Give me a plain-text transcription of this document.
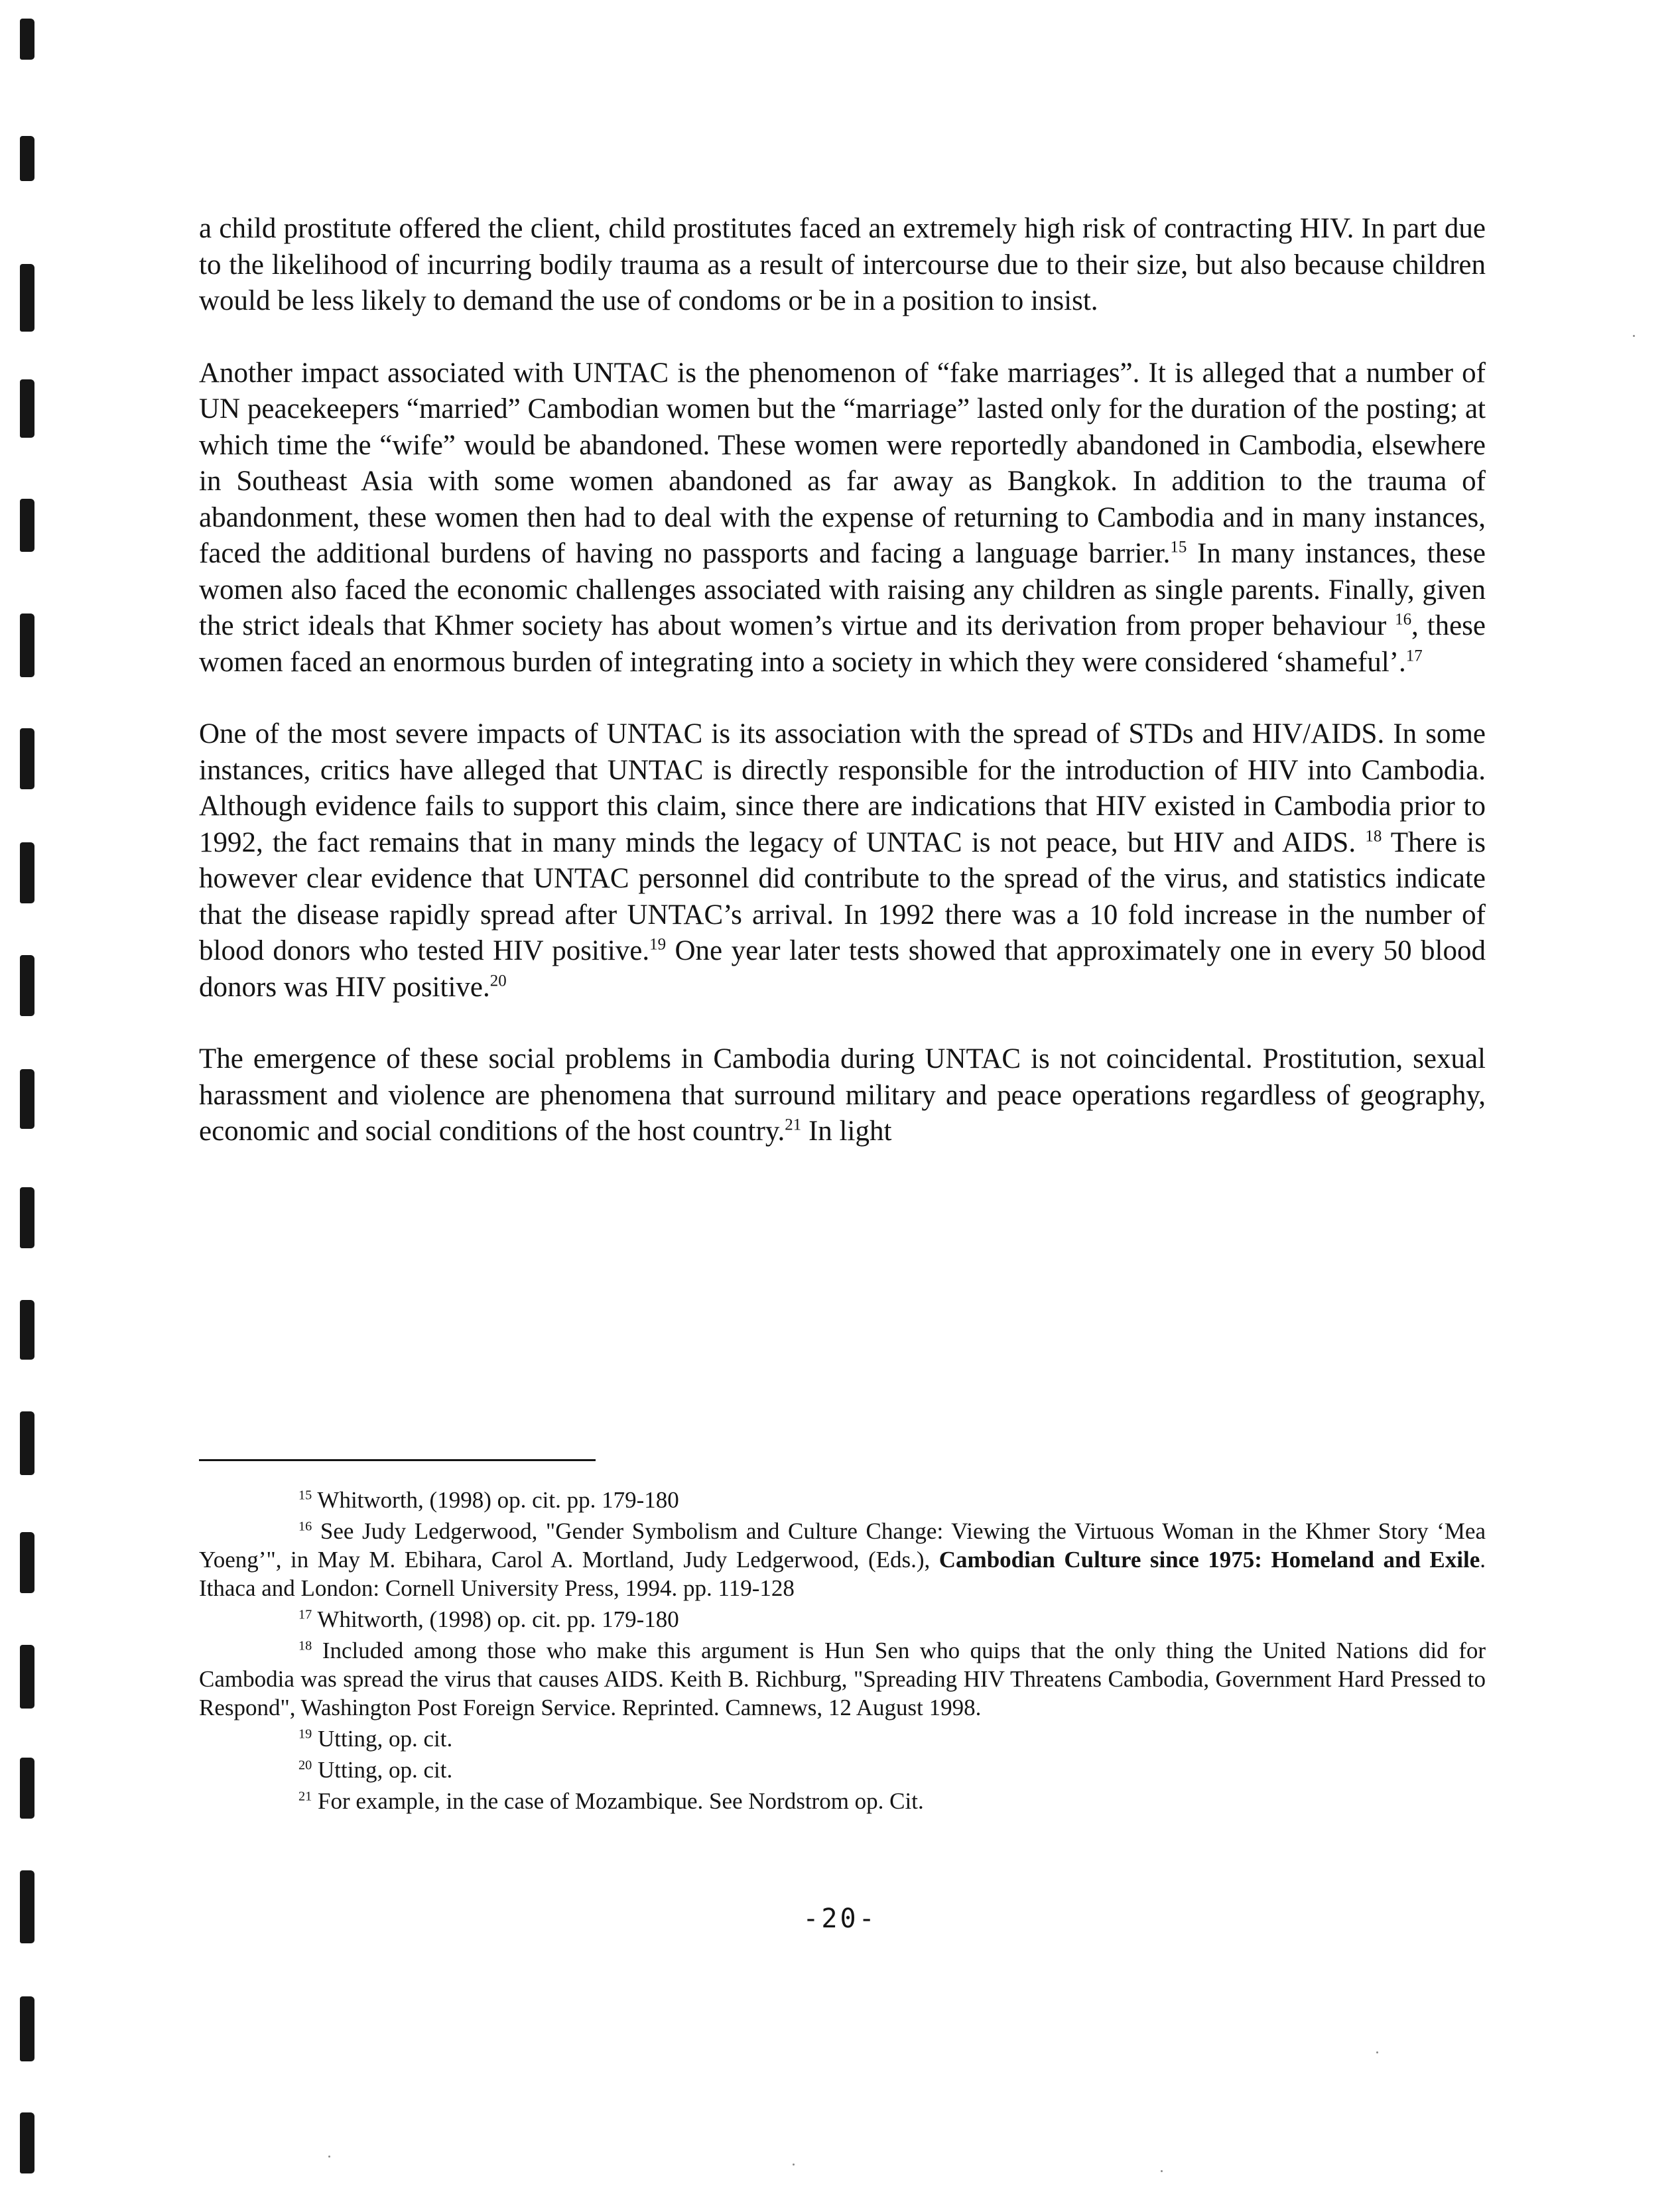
a child prostitute offered the client, child prostitutes faced an extremely high risk of contracting HIV. In part due to the likelihood of incurring bodily trauma as a result of intercourse due to their size, but also because children would be less likely to demand the use of condoms or be in a position to insist.

Another impact associated with UNTAC is the phenomenon of “fake marriages”. It is alleged that a number of UN peacekeepers “married” Cambodian women but the “marriage” lasted only for the duration of the posting; at which time the “wife” would be abandoned. These women were reportedly abandoned in Cambodia, elsewhere in Southeast Asia with some women abandoned as far away as Bangkok. In addition to the trauma of abandonment, these women then had to deal with the expense of returning to Cambodia and in many instances, faced the additional burdens of having no passports and facing a language barrier.$^{15}$ In many instances, these women also faced the economic challenges associated with raising any children as single parents. Finally, given the strict ideals that Khmer society has about women’s virtue and its derivation from proper behaviour $^{16}$, these women faced an enormous burden of integrating into a society in which they were considered ‘shameful’.$^{17}$

One of the most severe impacts of UNTAC is its association with the spread of STDs and HIV/AIDS. In some instances, critics have alleged that UNTAC is directly responsible for the introduction of HIV into Cambodia. Although evidence fails to support this claim, since there are indications that HIV existed in Cambodia prior to 1992, the fact remains that in many minds the legacy of UNTAC is not peace, but HIV and AIDS. $^{18}$ There is however clear evidence that UNTAC personnel did contribute to the spread of the virus, and statistics indicate that the disease rapidly spread after UNTAC’s arrival. In 1992 there was a 10 fold increase in the number of blood donors who tested HIV positive.$^{19}$ One year later tests showed that approximately one in every 50 blood donors was HIV positive.$^{20}$

The emergence of these social problems in Cambodia during UNTAC is not coincidental. Prostitution, sexual harassment and violence are phenomena that surround military and peace operations regardless of geography, economic and social conditions of the host country.$^{21}$ In light

$^{15}$ Whitworth, (1998) op. cit. pp. 179-180

$^{16}$ See Judy Ledgerwood, "Gender Symbolism and Culture Change: Viewing the Virtuous Woman in the Khmer Story ‘Mea Yoeng’", in May M. Ebihara, Carol A. Mortland, Judy Ledgerwood, (Eds.), Cambodian Culture since 1975: Homeland and Exile. Ithaca and London: Cornell University Press, 1994. pp. 119-128

$^{17}$ Whitworth, (1998) op. cit. pp. 179-180

$^{18}$ Included among those who make this argument is Hun Sen who quips that the only thing the United Nations did for Cambodia was spread the virus that causes AIDS. Keith B. Richburg, "Spreading HIV Threatens Cambodia, Government Hard Pressed to Respond", Washington Post Foreign Service. Reprinted. Camnews, 12 August 1998.

$^{19}$ Utting, op. cit.

$^{20}$ Utting, op. cit.

$^{21}$ For example, in the case of Mozambique. See Nordstrom op. Cit.

-20-
